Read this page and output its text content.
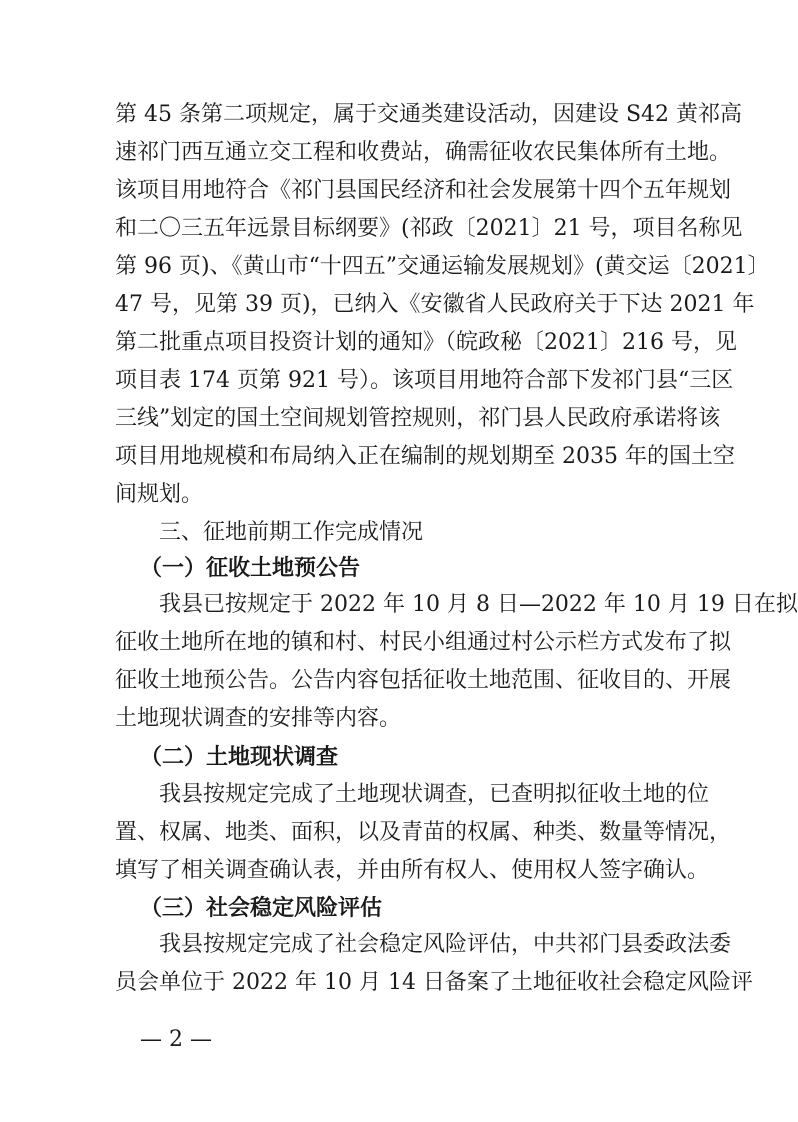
第 45 条第二项规定，属于交通类建设活动，因建设 S42 黄祁高
速祁门西互通立交工程和收费站，确需征收农民集体所有土地。
该项目用地符合《祁门县国民经济和社会发展第十四个五年规划
和二〇三五年远景目标纲要》(祁政〔2021〕21 号，项目名称见
第 96 页)、《黄山市“十四五”交通运输发展规划》(黄交运〔2021〕
47 号，见第 39 页)，已纳入《安徽省人民政府关于下达 2021 年
第二批重点项目投资计划的通知》（皖政秘〔2021〕216 号，见
项目表 174 页第 921 号）。该项目用地符合部下发祁门县“三区
三线”划定的国土空间规划管控规则，祁门县人民政府承诺将该
项目用地规模和布局纳入正在编制的规划期至 2035 年的国土空
间规划。
三、征地前期工作完成情况
（一）征收土地预公告
我县已按规定于 2022 年 10 月 8 日—2022 年 10 月 19 日在拟
征收土地所在地的镇和村、村民小组通过村公示栏方式发布了拟
征收土地预公告。公告内容包括征收土地范围、征收目的、开展
土地现状调查的安排等内容。
（二）土地现状调查
我县按规定完成了土地现状调查，已查明拟征收土地的位
置、权属、地类、面积，以及青苗的权属、种类、数量等情况，
填写了相关调查确认表，并由所有权人、使用权人签字确认。
（三）社会稳定风险评估
我县按规定完成了社会稳定风险评估，中共祁门县委政法委
员会单位于 2022 年 10 月 14 日备案了土地征收社会稳定风险评
— 2 —
